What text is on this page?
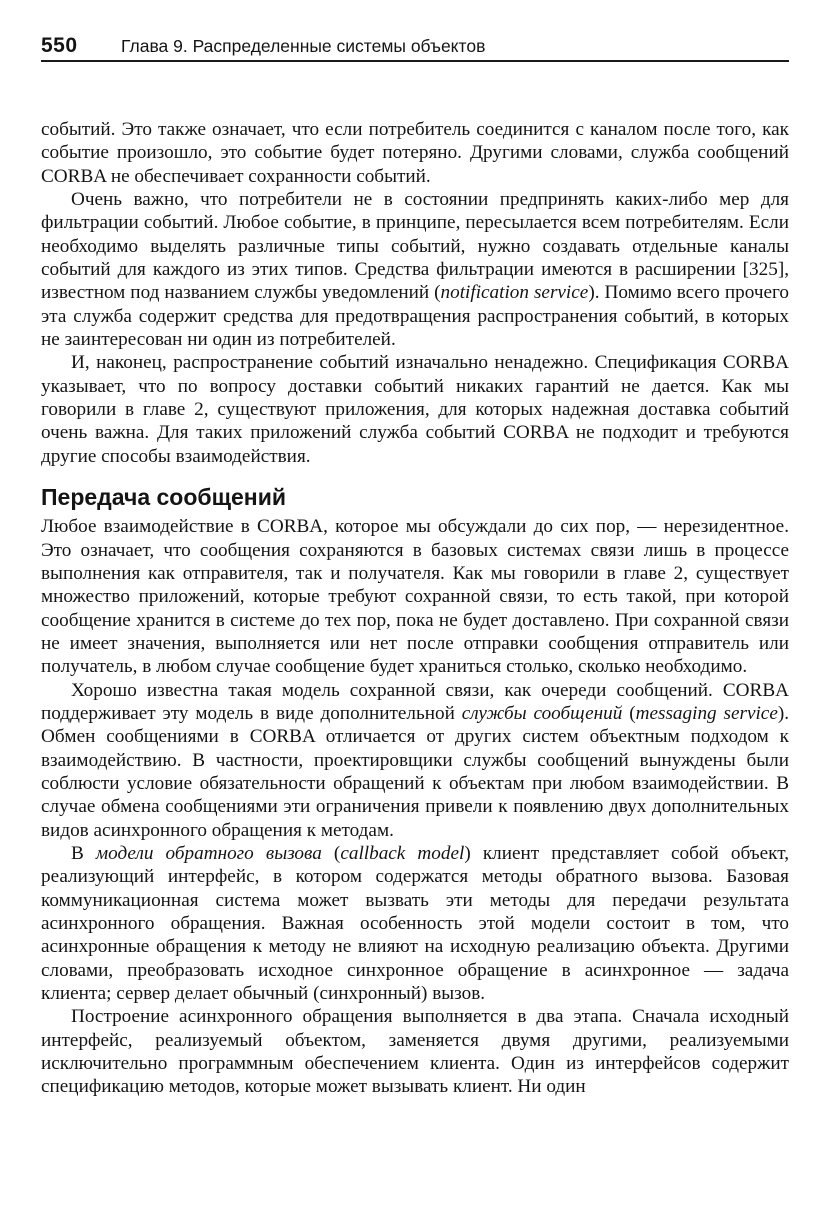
550	Глава 9. Распределенные системы объектов

событий. Это также означает, что если потребитель соединится с каналом после того, как событие произошло, это событие будет потеряно. Другими словами, служба сообщений CORBA не обеспечивает сохранности событий.

Очень важно, что потребители не в состоянии предпринять каких-либо мер для фильтрации событий. Любое событие, в принципе, пересылается всем потребителям. Если необходимо выделять различные типы событий, нужно создавать отдельные каналы событий для каждого из этих типов. Средства фильтрации имеются в расширении [325], известном под названием службы уведомлений (notification service). Помимо всего прочего эта служба содержит средства для предотвращения распространения событий, в которых не заинтересован ни один из потребителей.

И, наконец, распространение событий изначально ненадежно. Спецификация CORBA указывает, что по вопросу доставки событий никаких гарантий не дается. Как мы говорили в главе 2, существуют приложения, для которых надежная доставка событий очень важна. Для таких приложений служба событий CORBA не подходит и требуются другие способы взаимодействия.

Передача сообщений

Любое взаимодействие в CORBA, которое мы обсуждали до сих пор, — нерезидентное. Это означает, что сообщения сохраняются в базовых системах связи лишь в процессе выполнения как отправителя, так и получателя. Как мы говорили в главе 2, существует множество приложений, которые требуют сохранной связи, то есть такой, при которой сообщение хранится в системе до тех пор, пока не будет доставлено. При сохранной связи не имеет значения, выполняется или нет после отправки сообщения отправитель или получатель, в любом случае сообщение будет храниться столько, сколько необходимо.

Хорошо известна такая модель сохранной связи, как очереди сообщений. CORBA поддерживает эту модель в виде дополнительной службы сообщений (messaging service). Обмен сообщениями в CORBA отличается от других систем объектным подходом к взаимодействию. В частности, проектировщики службы сообщений вынуждены были соблюсти условие обязательности обращений к объектам при любом взаимодействии. В случае обмена сообщениями эти ограничения привели к появлению двух дополнительных видов асинхронного обращения к методам.

В модели обратного вызова (callback model) клиент представляет собой объект, реализующий интерфейс, в котором содержатся методы обратного вызова. Базовая коммуникационная система может вызвать эти методы для передачи результата асинхронного обращения. Важная особенность этой модели состоит в том, что асинхронные обращения к методу не влияют на исходную реализацию объекта. Другими словами, преобразовать исходное синхронное обращение в асинхронное — задача клиента; сервер делает обычный (синхронный) вызов.

Построение асинхронного обращения выполняется в два этапа. Сначала исходный интерфейс, реализуемый объектом, заменяется двумя другими, реализуемыми исключительно программным обеспечением клиента. Один из интерфейсов содержит спецификацию методов, которые может вызывать клиент. Ни один
